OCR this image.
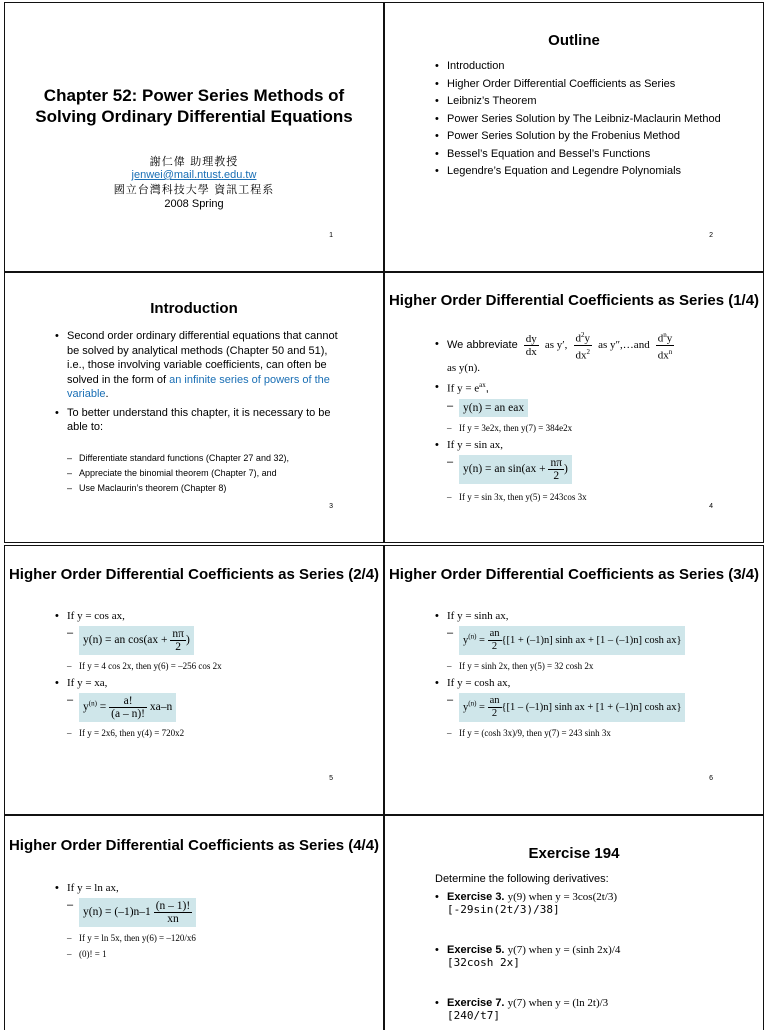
Chapter 52: Power Series Methods of Solving Ordinary Differential Equations
謝仁偉 助理教授
jenwei@mail.ntust.edu.tw
國立台灣科技大學 資訊工程系
2008 Spring
1
Outline
• Introduction
• Higher Order Differential Coefficients as Series
• Leibniz’s Theorem
• Power Series Solution by The Leibniz-Maclaurin Method
• Power Series Solution by the Frobenius Method
• Bessel’s Equation and Bessel’s Functions
• Legendre’s Equation and Legendre Polynomials
2
Introduction
• Second order ordinary differential equations that cannot be solved by analytical methods (Chapter 50 and 51), i.e., those involving variable coefficients, can often be solved in the form of an infinite series of powers of the variable.
• To better understand this chapter, it is necessary to be able to:
– Differentiate standard functions (Chapter 27 and 32),
– Appreciate the binomial theorem (Chapter 7), and
– Use Maclaurin’s theorem (Chapter 8)
3
Higher Order Differential Coefficients as Series (1/4)
• We abbreviate $\frac{dy}{dx}$ as y′, $\frac{d^2y}{dx^2}$ as y″,…and $\frac{d^ny}{dx^n}$
as y(n).
• If $y = e^{ax}$,
– y(n) = an eax
– If y = 3e2x, then y(7) = 384e2x
• If y = sin ax,
– y(n) = an $\sin(ax + \frac{n\pi}{2}$ )
– If y = sin 3x, then y(5) = 243cos 3x
4
Higher Order Differential Coefficients as Series (2/4)
• If y = cos ax,
– y(n) = an $\cos(ax + \frac{n\pi}{2}$ )
– If y = 4 cos 2x, then y(6) = –256 cos 2x
• If y = xa,
– $y^{(n)} = \frac{a!}{(a - n)!} xa-n$
– If y = 2x6, then y(4) = 720x2
5
Higher Order Differential Coefficients as Series (3/4)
• If y = sinh ax,
– $y^{(n)} = \frac{an}{2} \{[1 + (-1)n]$ sinh ax + [1 – (–1)n] cosh ax}
– If y = sinh 2x, then y(5) = 32 cosh 2x
• If y = cosh ax,
– $y^{(n)} = \frac{an}{2} \{[1 - (-1)n]$ sinh ax + [1 + (–1)n] cosh ax}
– If y = (cosh 3x)/9, then y(7) = 243 sinh 3x
6
Higher Order Differential Coefficients as Series (4/4)
• If y = ln ax,
– $y(n) = (-1)n-1 \frac{(n - 1)!}{xn}$
– If y = ln 5x, then y(6) = –120/x6
– (0)! = 1
Exercise 194
Determine the following derivatives:
• Exercise 3. y(9) when y = 3cos(2t/3)
[-29sin(2t/3)/38]
• Exercise 5. y(7) when y = (sinh 2x)/4
[32cosh 2x]
• Exercise 7. y(7) when y = (ln 2t)/3
[240/t7]
